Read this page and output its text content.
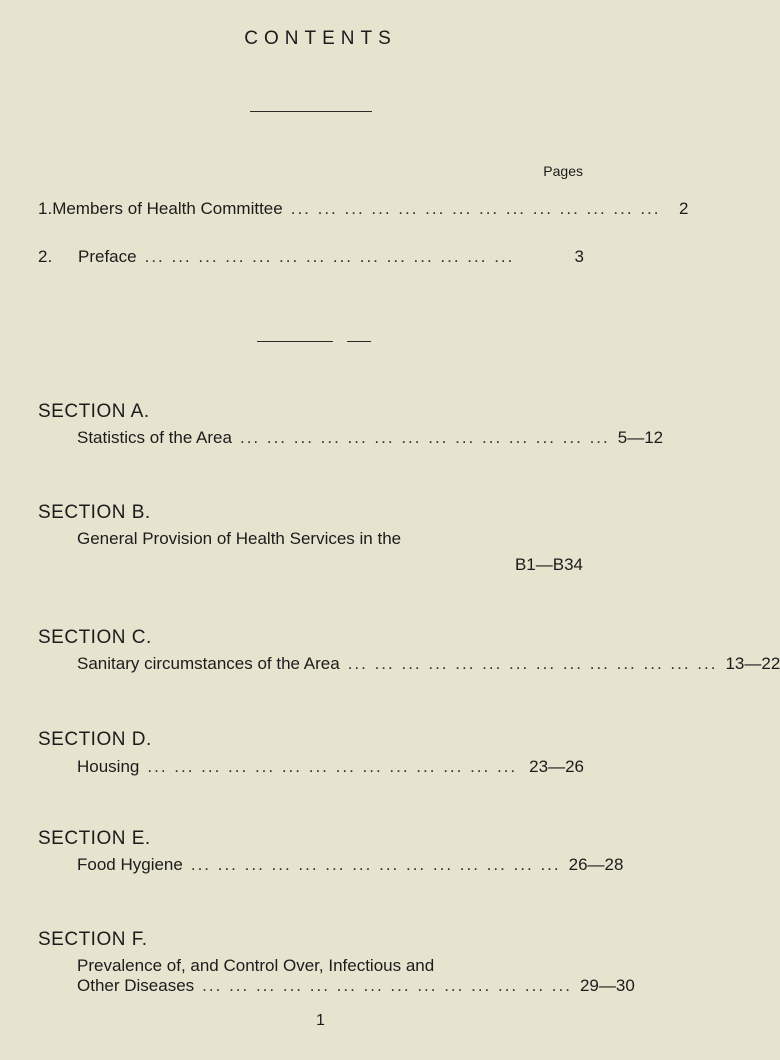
CONTENTS
Pages
1. Members of Health Committee ... ... ... ... ... ... ... ... ... ... ... ... ... ...	2
2.	Preface ... ... ... ... ... ... ... ... ... ... ... ... ... ...	3
SECTION A.
Statistics of the Area ... ... ... ... ... ... ... ... ... ... ... ... ... ... 5—12
SECTION B.
General Provision of Health Services in the
B1—B34
SECTION C.
Sanitary circumstances of the Area ... ... ... ... ... ... ... ... ... ... ... ... ... ... 13—22
SECTION D.
Housing ... ... ... ... ... ... ... ... ... ... ... ... ... ... 23—26
SECTION E.
Food Hygiene ... ... ... ... ... ... ... ... ... ... ... ... ... ... 26—28
SECTION F.
Prevalence of, and Control Over, Infectious and
Other Diseases ... ... ... ... ... ... ... ... ... ... ... ... ... ... 29—30
1
